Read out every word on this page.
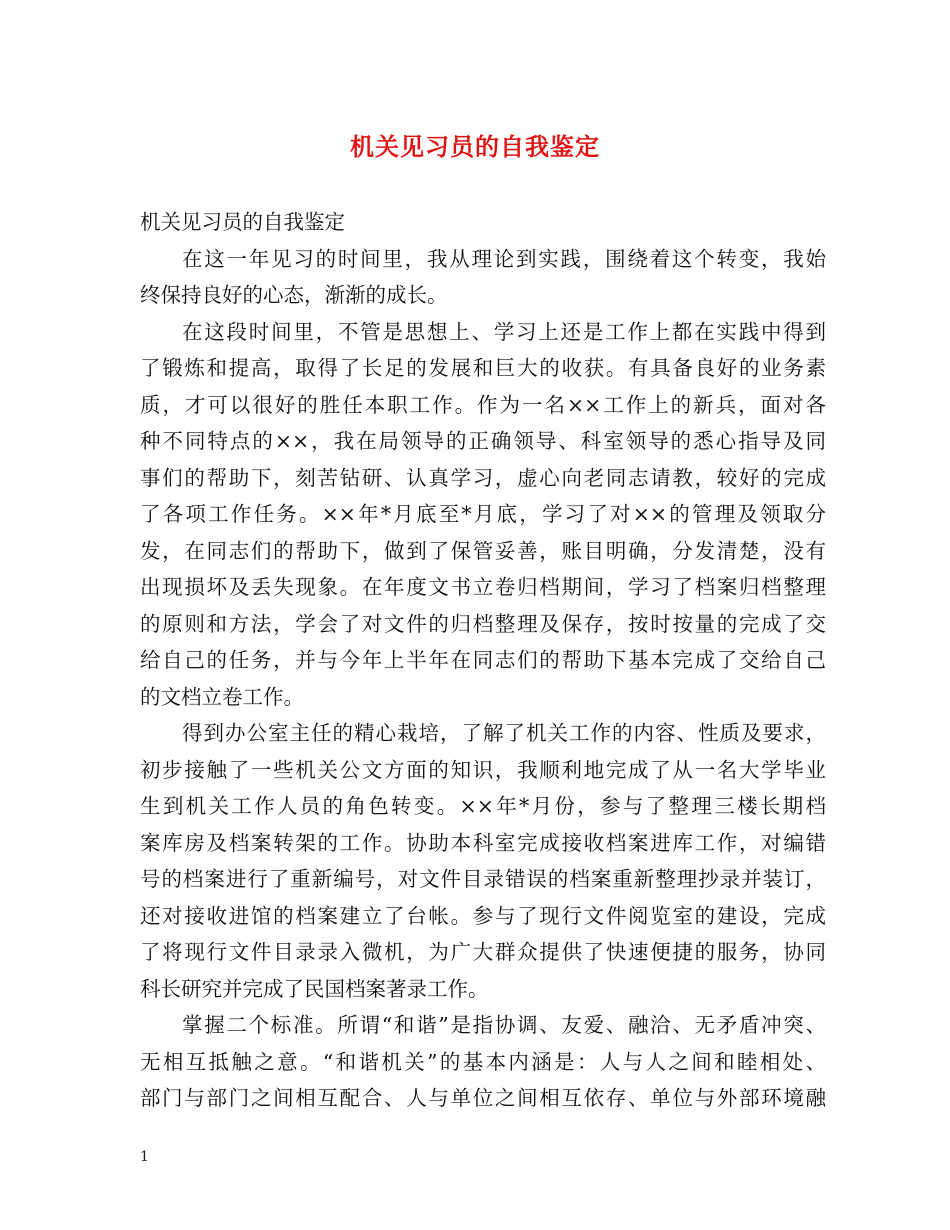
机关见习员的自我鉴定
机关见习员的自我鉴定
在这一年见习的时间里，我从理论到实践，围绕着这个转变，我始
终保持良好的心态，渐渐的成长。
在这段时间里，不管是思想上、学习上还是工作上都在实践中得到
了锻炼和提高，取得了长足的发展和巨大的收获。有具备良好的业务素
质，才可以很好的胜任本职工作。作为一名××工作上的新兵，面对各
种不同特点的××，我在局领导的正确领导、科室领导的悉心指导及同
事们的帮助下，刻苦钻研、认真学习，虚心向老同志请教，较好的完成
了各项工作任务。××年*月底至*月底，学习了对××的管理及领取分
发，在同志们的帮助下，做到了保管妥善，账目明确，分发清楚，没有
出现损坏及丢失现象。在年度文书立卷归档期间，学习了档案归档整理
的原则和方法，学会了对文件的归档整理及保存，按时按量的完成了交
给自己的任务，并与今年上半年在同志们的帮助下基本完成了交给自己
的文档立卷工作。
得到办公室主任的精心栽培，了解了机关工作的内容、性质及要求，
初步接触了一些机关公文方面的知识，我顺利地完成了从一名大学毕业
生到机关工作人员的角色转变。××年*月份，参与了整理三楼长期档
案库房及档案转架的工作。协助本科室完成接收档案进库工作，对编错
号的档案进行了重新编号，对文件目录错误的档案重新整理抄录并装订，
还对接收进馆的档案建立了台帐。参与了现行文件阅览室的建设，完成
了将现行文件目录录入微机，为广大群众提供了快速便捷的服务，协同
科长研究并完成了民国档案著录工作。
掌握二个标准。所谓“和谐”是指协调、友爱、融洽、无矛盾冲突、
无相互抵触之意。“和谐机关”的基本内涵是：人与人之间和睦相处、
部门与部门之间相互配合、人与单位之间相互依存、单位与外部环境融
1
